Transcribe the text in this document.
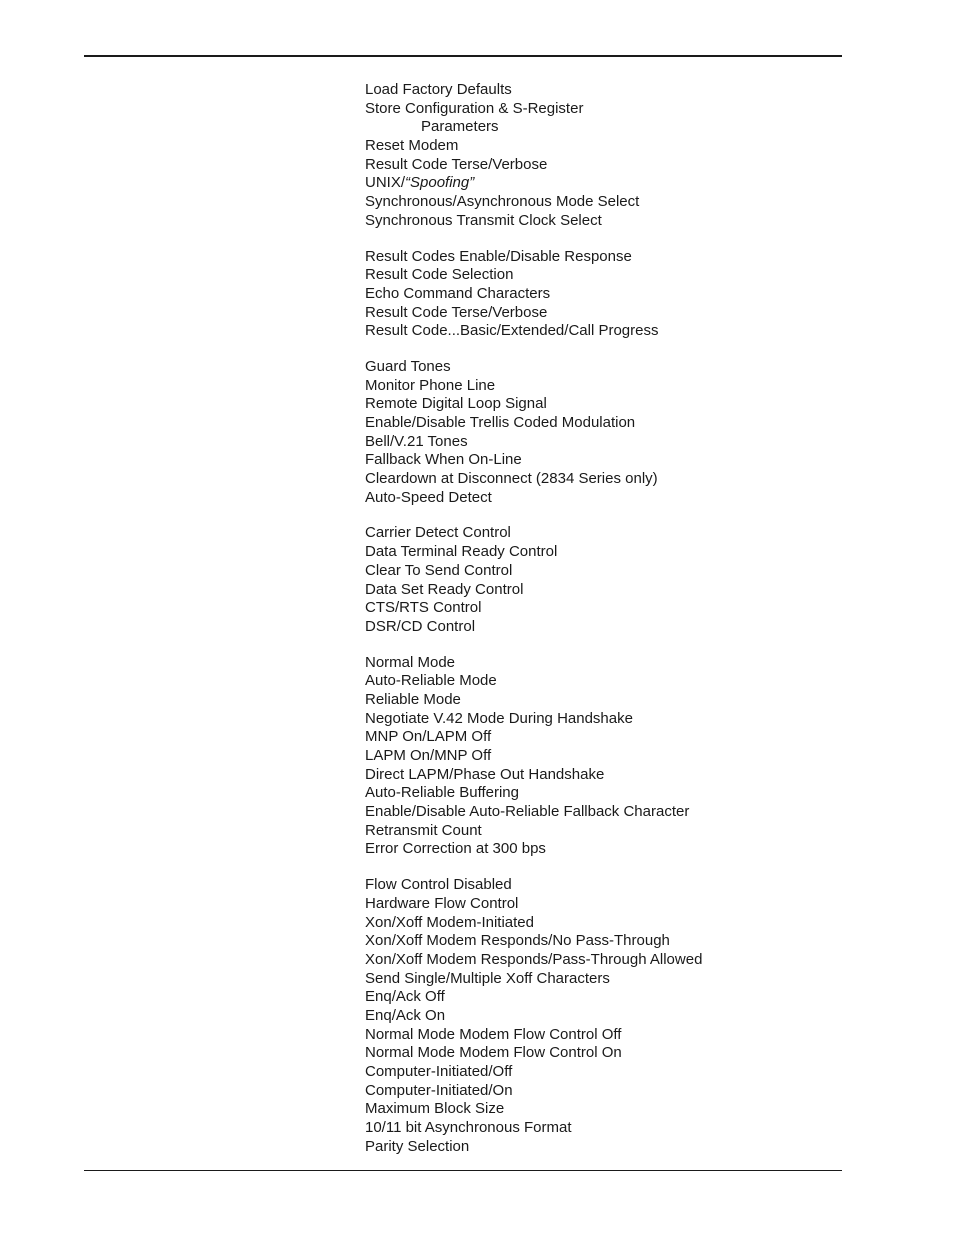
Load Factory Defaults
Store Configuration & S-Register
Parameters
Reset Modem
Result Code Terse/Verbose
UNIX/“Spoofing”
Synchronous/Asynchronous Mode Select
Synchronous Transmit Clock Select
Result Codes Enable/Disable Response
Result Code Selection
Echo Command Characters
Result Code Terse/Verbose
Result Code...Basic/Extended/Call Progress
Guard Tones
Monitor Phone Line
Remote Digital Loop Signal
Enable/Disable Trellis Coded Modulation
Bell/V.21 Tones
Fallback When On-Line
Cleardown at Disconnect (2834 Series only)
Auto-Speed Detect
Carrier Detect Control
Data Terminal Ready Control
Clear To Send Control
Data Set Ready Control
CTS/RTS Control
DSR/CD Control
Normal Mode
Auto-Reliable Mode
Reliable Mode
Negotiate V.42 Mode During Handshake
MNP On/LAPM Off
LAPM On/MNP Off
Direct LAPM/Phase Out Handshake
Auto-Reliable Buffering
Enable/Disable Auto-Reliable Fallback Character
Retransmit Count
Error Correction at 300 bps
Flow Control Disabled
Hardware Flow Control
Xon/Xoff Modem-Initiated
Xon/Xoff Modem Responds/No Pass-Through
Xon/Xoff Modem Responds/Pass-Through Allowed
Send Single/Multiple Xoff Characters
Enq/Ack Off
Enq/Ack On
Normal Mode Modem Flow Control Off
Normal Mode Modem Flow Control On
Computer-Initiated/Off
Computer-Initiated/On
Maximum Block Size
10/11 bit Asynchronous Format
Parity Selection
